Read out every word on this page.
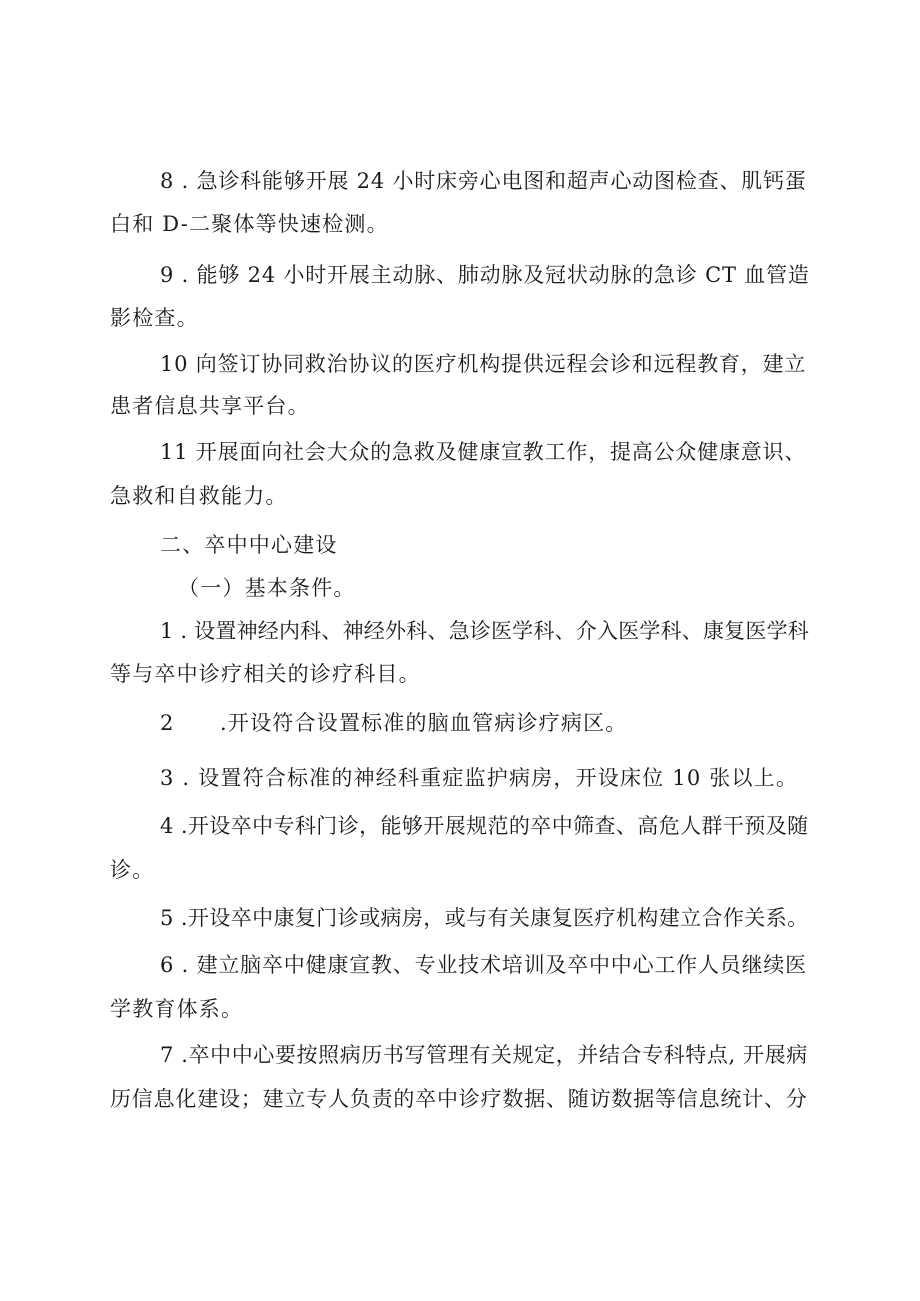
8 . 急诊科能够开展 24 小时床旁心电图和超声心动图检查、肌钙蛋
白和 D-二聚体等快速检测。
9 . 能够 24 小时开展主动脉、肺动脉及冠状动脉的急诊 CT 血管造
影检查。
10 向签订协同救治协议的医疗机构提供远程会诊和远程教育，建立
患者信息共享平台。
11 开展面向社会大众的急救及健康宣教工作，提高公众健康意识、
急救和自救能力。
二、卒中中心建设
（一）基本条件。
1 . 设置神经内科、神经外科、急诊医学科、介入医学科、康复医学科
等与卒中诊疗相关的诊疗科目。
2 .开设符合设置标准的脑血管病诊疗病区。
3 . 设置符合标准的神经科重症监护病房，开设床位 10 张以上。
4 .开设卒中专科门诊，能够开展规范的卒中筛查、高危人群干预及随
诊。
5 .开设卒中康复门诊或病房，或与有关康复医疗机构建立合作关系。
6 . 建立脑卒中健康宣教、专业技术培训及卒中中心工作人员继续医
学教育体系。
7 .卒中中心要按照病历书写管理有关规定，并结合专科特点, 开展病
历信息化建设；建立专人负责的卒中诊疗数据、随访数据等信息统计、分
